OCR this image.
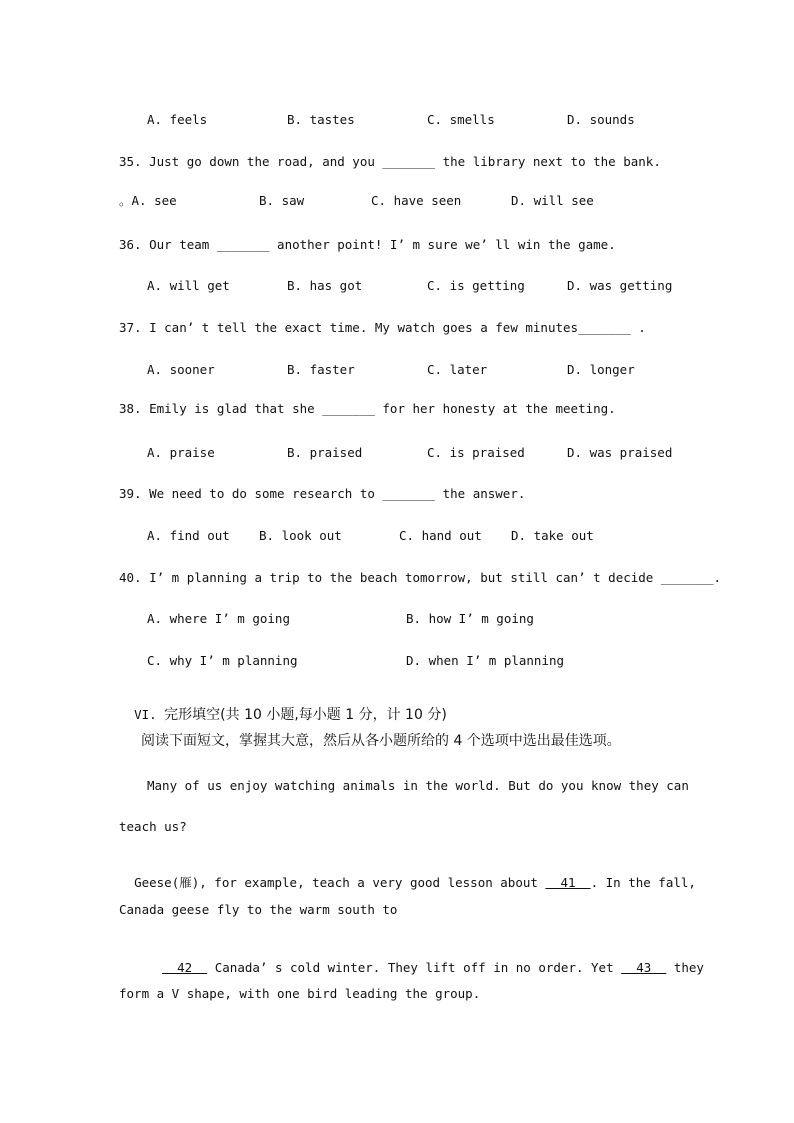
A. feels	B. tastes	C. smells	D. sounds
35. Just go down the road, and you _______ the library next to the bank.
。A. see	B. saw	C. have seen	D. will see
36. Our team _______ another point! I’ m sure we’ ll win the game.
A. will get	B. has got	C. is getting	D. was getting
37. I can’ t tell the exact time. My watch goes a few minutes_______ .
A. sooner	B. faster	C. later	D. longer
38. Emily is glad that she _______ for her honesty at the meeting.
A. praise	B. praised	C. is praised	D. was praised
39. We need to do some research to _______ the answer.
A. find out B. look out	C. hand out D. take out
40. I’ m planning a trip to the beach tomorrow, but still can’ t decide _______.
A. where I’ m going	B. how I’ m going
C. why I’ m planning	D. when I’ m planning

VI. 完形填空(共 10 小题,每小题 1 分，计 10 分)

阅读下面短文，掌握其大意，然后从各小题所给的 4 个选项中选出最佳选项。
Many of us enjoy watching animals in the world. But do you know they can
teach us?

Geese(雁), for example, teach a very good lesson about   41  . In the fall,

Canada geese fly to the warm south to

42   Canada’ s cold winter. They lift off in no order. Yet   43   they

form a V shape, with one bird leading the group.
